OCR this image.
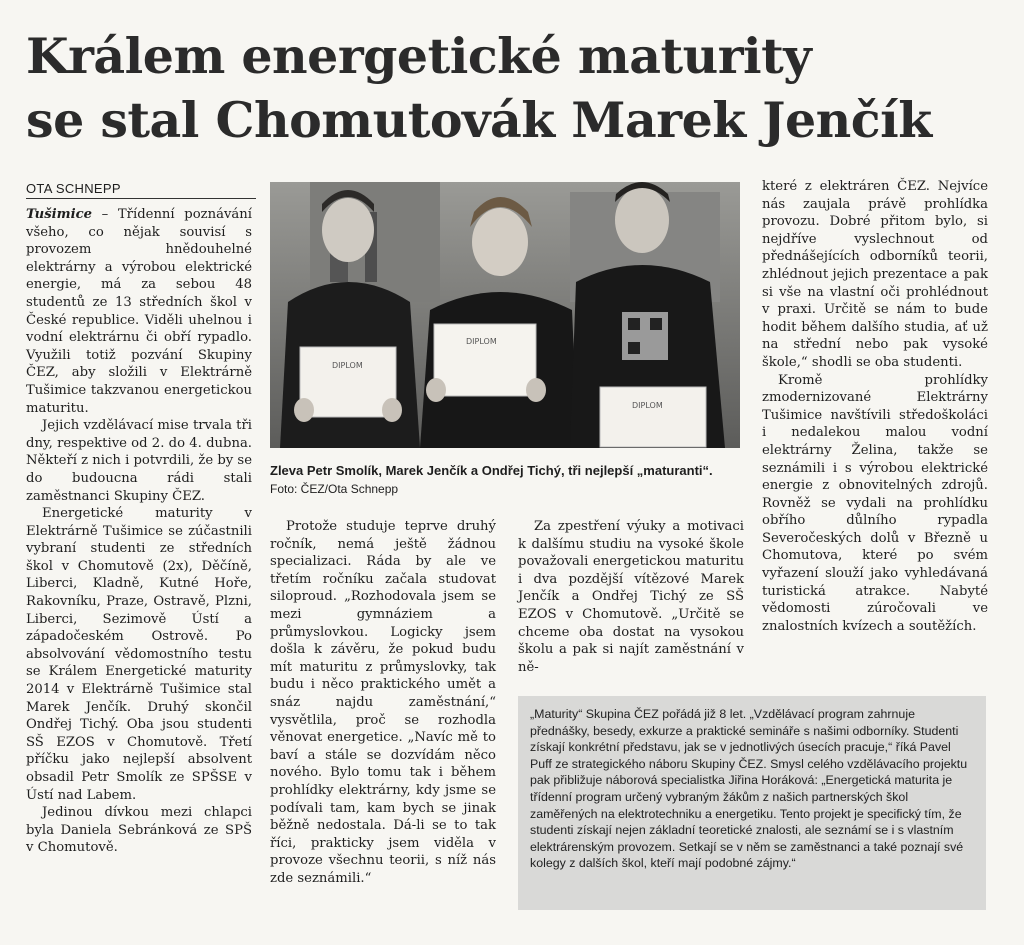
Králem energetické maturity
se stal Chomutovák Marek Jenčík
OTA SCHNEPP

Tušimice – Třídenní poznávání všeho, co nějak souvisí s provozem hnědouhelné elektrárny a výrobou elektrické energie, má za sebou 48 studentů ze 13 středních škol v České republice. Viděli uhelnou i vodní elektrárnu či obří rypadlo. Využili totiž pozvání Skupiny ČEZ, aby složili v Elektrárně Tušimice takzvanou energetickou maturitu.

Jejich vzdělávací mise trvala tři dny, respektive od 2. do 4. dubna. Někteří z nich i potvrdili, že by se do budoucna rádi stali zaměstnanci Skupiny ČEZ.

Energetické maturity v Elektrárně Tušimice se zúčastnili vybraní studenti ze středních škol v Chomutově (2x), Děčíně, Liberci, Kladně, Kutné Hoře, Rakovníku, Praze, Ostravě, Plzni, Liberci, Sezimově Ústí a západočeském Ostrově. Po absolvování vědomostního testu se Králem Energetické maturity 2014 v Elektrárně Tušimice stal Marek Jenčík. Druhý skončil Ondřej Tichý. Oba jsou studenti SŠ EZOS v Chomutově. Třetí příčku jako nejlepší absolvent obsadil Petr Smolík ze SPŠSE v Ústí nad Labem.

Jedinou dívkou mezi chlapci byla Daniela Sebránková ze SPŠ v Chomutově.

DIPLOM
DIPLOM
DIPLOM
Zleva Petr Smolík, Marek Jenčík a Ondřej Tichý, tři nejlepší „maturanti“. Foto: ČEZ/Ota Schnepp

Protože studuje teprve druhý ročník, nemá ještě žádnou specializaci. Ráda by ale ve třetím ročníku začala studovat siloproud. „Rozhodovala jsem se mezi gymnáziem a průmyslovkou. Logicky jsem došla k závěru, že pokud budu mít maturitu z průmyslovky, tak budu i něco praktického umět a snáz najdu zaměstnání,“ vysvětlila, proč se rozhodla věnovat energetice. „Navíc mě to baví a stále se dozvídám něco nového. Bylo tomu tak i během prohlídky elektrárny, kdy jsme se podívali tam, kam bych se jinak běžně nedostala. Dá-li se to tak říci, prakticky jsem viděla v provoze všechnu teorii, s níž nás zde seznámili.“

Za zpestření výuky a motivaci k dalšímu studiu na vysoké škole považovali energetickou maturitu i dva pozdější vítězové Marek Jenčík a Ondřej Tichý ze SŠ EZOS v Chomutově. „Určitě se chceme oba dostat na vysokou školu a pak si najít zaměstnání v ně-

které z elektráren ČEZ. Nejvíce nás zaujala právě prohlídka provozu. Dobré přitom bylo, si nejdříve vyslechnout od přednášejících odborníků teorii, zhlédnout jejich prezentace a pak si vše na vlastní oči prohlédnout v praxi. Určitě se nám to bude hodit během dalšího studia, ať už na střední nebo pak vysoké škole,“ shodli se oba studenti.

Kromě prohlídky zmodernizované Elektrárny Tušimice navštívili středoškoláci i nedalekou malou vodní elektrárny Želina, takže se seznámili i s výrobou elektrické energie z obnovitelných zdrojů. Rovněž se vydali na prohlídku obřího důlního rypadla Severočeských dolů v Březně u Chomutova, které po svém vyřazení slouží jako vyhledávaná turistická atrakce. Nabyté vědomosti zúročovali ve znalostních kvízech a soutěžích.

„Maturity“ Skupina ČEZ pořádá již 8 let. „Vzdělávací program zahrnuje přednášky, besedy, exkurze a praktické semináře s našimi odborníky. Studenti získají konkrétní představu, jak se v jednotlivých úsecích pracuje,“ říká Pavel Puff ze strategického náboru Skupiny ČEZ. Smysl celého vzdělávacího projektu pak přibližuje náborová specialistka Jiřina Horáková: „Energetická maturita je třídenní program určený vybraným žákům z našich partnerských škol zaměřených na elektrotechniku a energetiku. Tento projekt je specifický tím, že studenti získají nejen základní teoretické znalosti, ale seznámí se i s vlastním elektrárenským provozem. Setkají se v něm se zaměstnanci a také poznají své kolegy z dalších škol, kteří mají podobné zájmy.“
